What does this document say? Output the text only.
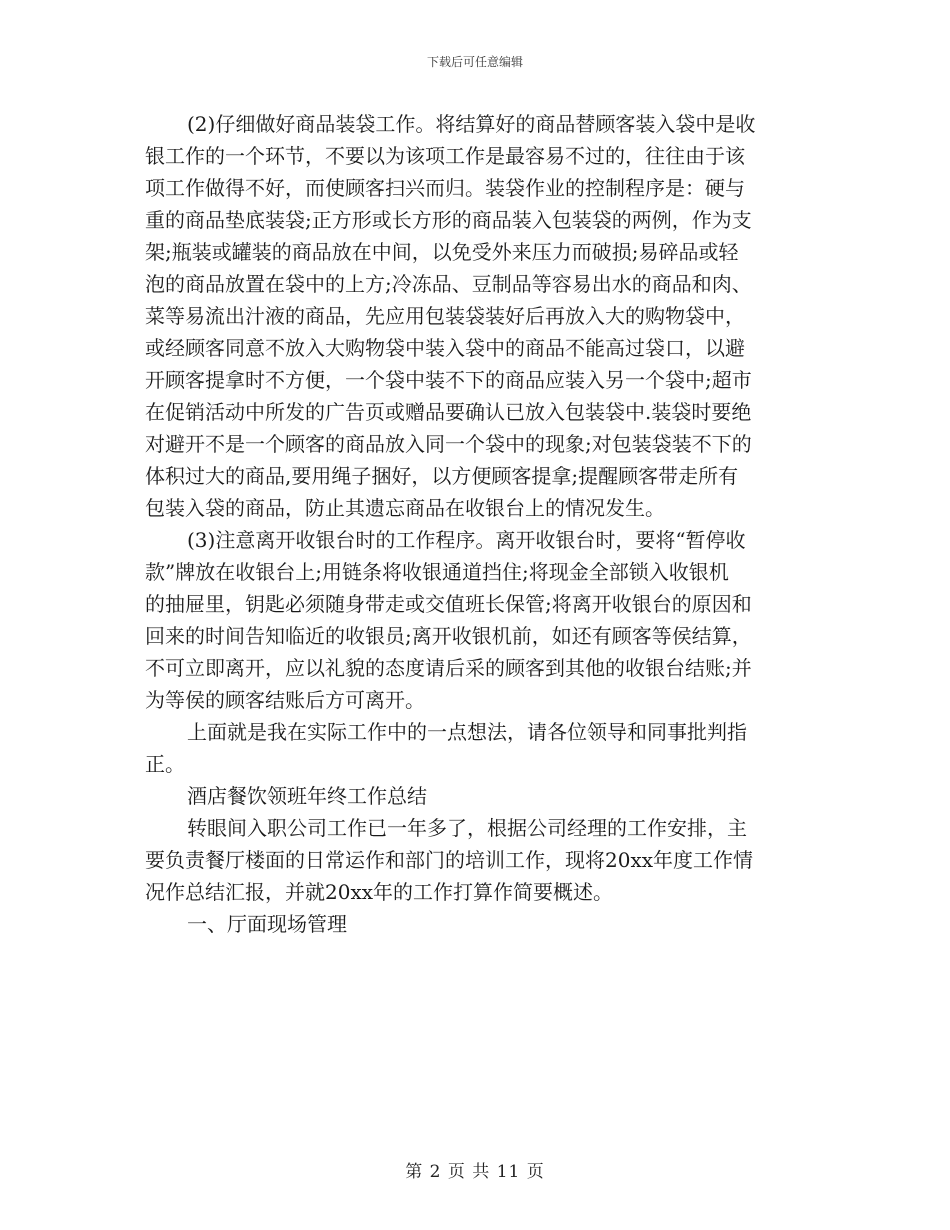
下载后可任意编辑

(2)仔细做好商品装袋工作。将结算好的商品替顾客装入袋中是收
银工作的一个环节，不要以为该项工作是最容易不过的，往往由于该
项工作做得不好，而使顾客扫兴而归。装袋作业的控制程序是：硬与
重的商品垫底装袋;正方形或长方形的商品装入包装袋的两例，作为支
架;瓶装或罐装的商品放在中间，以免受外来压力而破损;易碎品或轻
泡的商品放置在袋中的上方;冷冻品、豆制品等容易出水的商品和肉、
菜等易流出汁液的商品，先应用包装袋装好后再放入大的购物袋中，
或经顾客同意不放入大购物袋中装入袋中的商品不能高过袋口，以避
开顾客提拿时不方便，一个袋中装不下的商品应装入另一个袋中;超市
在促销活动中所发的广告页或赠品要确认已放入包装袋中.装袋时要绝
对避开不是一个顾客的商品放入同一个袋中的现象;对包装袋装不下的
体积过大的商品,要用绳子捆好，以方便顾客提拿;提醒顾客带走所有
包装入袋的商品，防止其遗忘商品在收银台上的情况发生。

(3)注意离开收银台时的工作程序。离开收银台时，要将“暂停收
款”牌放在收银台上;用链条将收银通道挡住;将现金全部锁入收银机
的抽屉里，钥匙必须随身带走或交值班长保管;将离开收银台的原因和
回来的时间告知临近的收银员;离开收银机前，如还有顾客等侯结算，
不可立即离开，应以礼貌的态度请后采的顾客到其他的收银台结账;并
为等侯的顾客结账后方可离开。

上面就是我在实际工作中的一点想法，请各位领导和同事批判指
正。

酒店餐饮领班年终工作总结

转眼间入职公司工作已一年多了，根据公司经理的工作安排，主
要负责餐厅楼面的日常运作和部门的培训工作，现将20xx年度工作情
况作总结汇报，并就20xx年的工作打算作简要概述。

一、厅面现场管理

第 2 页 共 11 页
